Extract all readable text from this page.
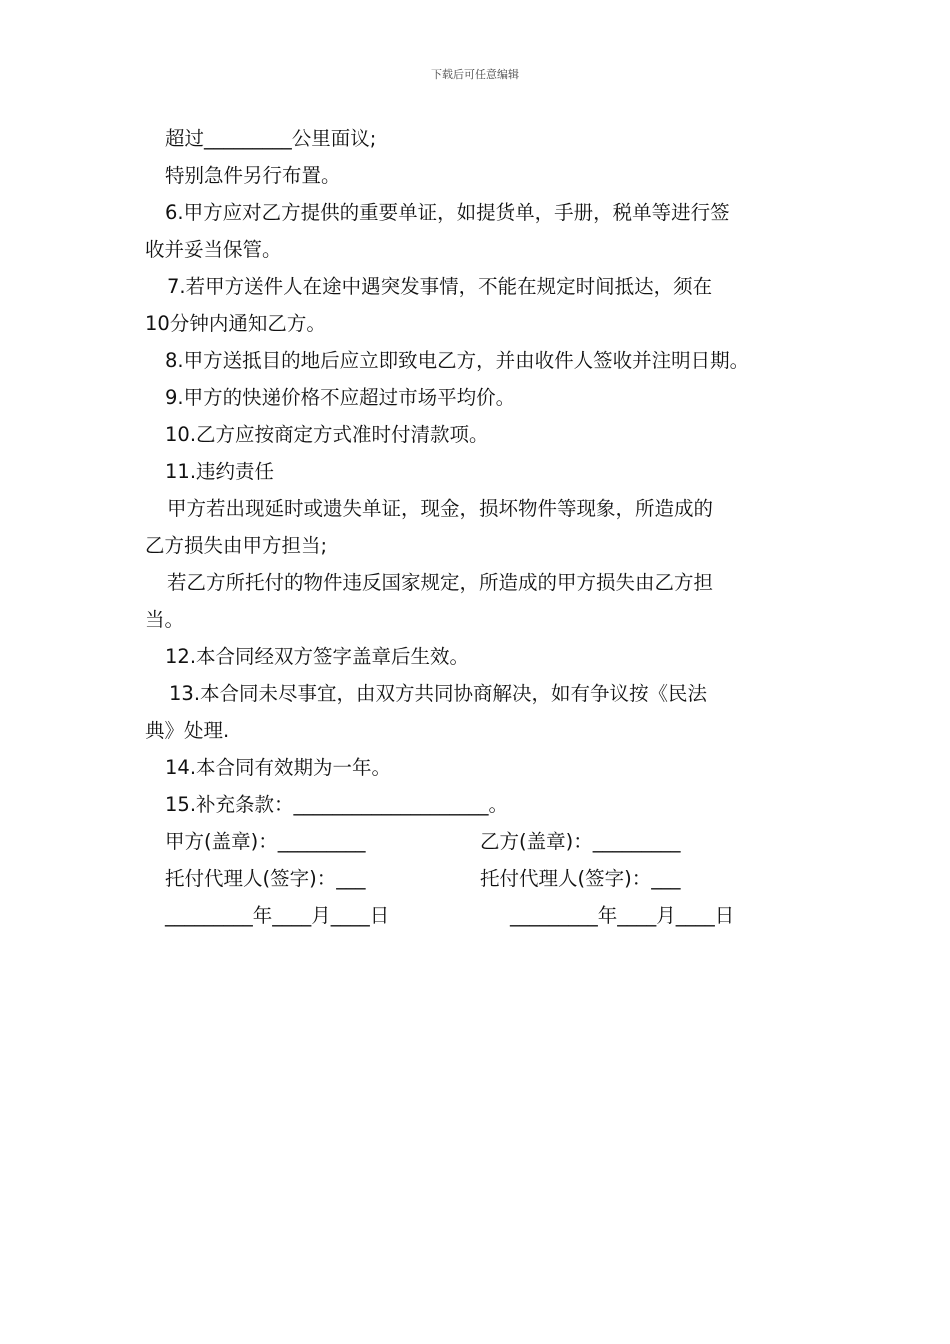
下载后可任意编辑
超过_________公里面议;
特别急件另行布置。
6.甲方应对乙方提供的重要单证，如提货单，手册，税单等进行签
收并妥当保管。
7.若甲方送件人在途中遇突发事情，不能在规定时间抵达，须在
10分钟内通知乙方。
8.甲方送抵目的地后应立即致电乙方，并由收件人签收并注明日期。
9.甲方的快递价格不应超过市场平均价。
10.乙方应按商定方式准时付清款项。
11.违约责任
甲方若出现延时或遗失单证，现金，损坏物件等现象，所造成的
乙方损失由甲方担当;
若乙方所托付的物件违反国家规定，所造成的甲方损失由乙方担
当。
12.本合同经双方签字盖章后生效。
13.本合同未尽事宜，由双方共同协商解决，如有争议按《民法
典》处理.
14.本合同有效期为一年。
15.补充条款：____________________。
甲方(盖章)：_________	乙方(盖章)：_________
托付代理人(签字)：___	托付代理人(签字)：___
_________年____月____日	_________年____月____日
